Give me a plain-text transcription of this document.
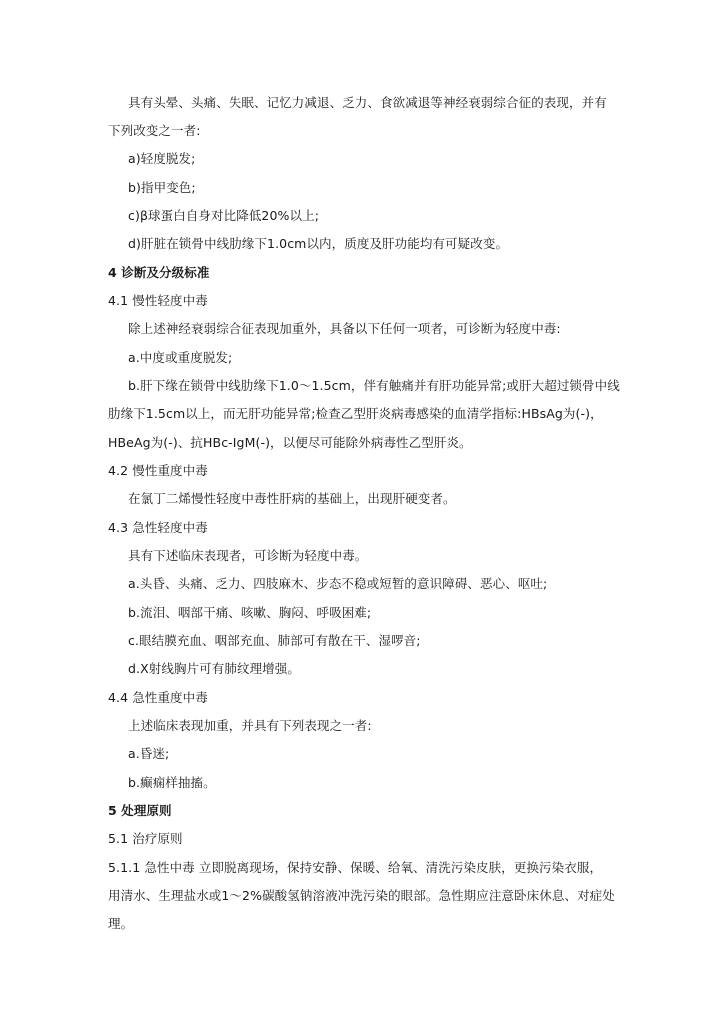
具有头晕、头痛、失眠、记忆力减退、乏力、食欲减退等神经衰弱综合征的表现，并有
下列改变之一者:
a)轻度脱发;
b)指甲变色;
c)β球蛋白自身对比降低20%以上;
d)肝脏在锁骨中线肋缘下1.0cm以内，质度及肝功能均有可疑改变。
4 诊断及分级标准
4.1 慢性轻度中毒
除上述神经衰弱综合征表现加重外，具备以下任何一项者，可诊断为轻度中毒:
a.中度或重度脱发;
b.肝下缘在锁骨中线肋缘下1.0～1.5cm，伴有触痛并有肝功能异常;或肝大超过锁骨中线
肋缘下1.5cm以上，而无肝功能异常;检查乙型肝炎病毒感染的血清学指标:HBsAg为(-)，
HBeAg为(-)、抗HBc-IgM(-)，以便尽可能除外病毒性乙型肝炎。
4.2 慢性重度中毒
在氯丁二烯慢性轻度中毒性肝病的基础上，出现肝硬变者。
4.3 急性轻度中毒
具有下述临床表现者，可诊断为轻度中毒。
a.头昏、头痛、乏力、四肢麻木、步态不稳或短暂的意识障碍、恶心、呕吐;
b.流泪、咽部干痛、咳嗽、胸闷、呼吸困难;
c.眼结膜充血、咽部充血、肺部可有散在干、湿啰音;
d.X射线胸片可有肺纹理增强。
4.4 急性重度中毒
上述临床表现加重，并具有下列表现之一者:
a.昏迷;
b.癫痫样抽搐。
5 处理原则
5.1 治疗原则
5.1.1 急性中毒 立即脱离现场，保持安静、保暖、给氧、清洗污染皮肤，更换污染衣服，
用清水、生理盐水或1～2%碳酸氢钠溶液冲洗污染的眼部。急性期应注意卧床休息、对症处
理。
